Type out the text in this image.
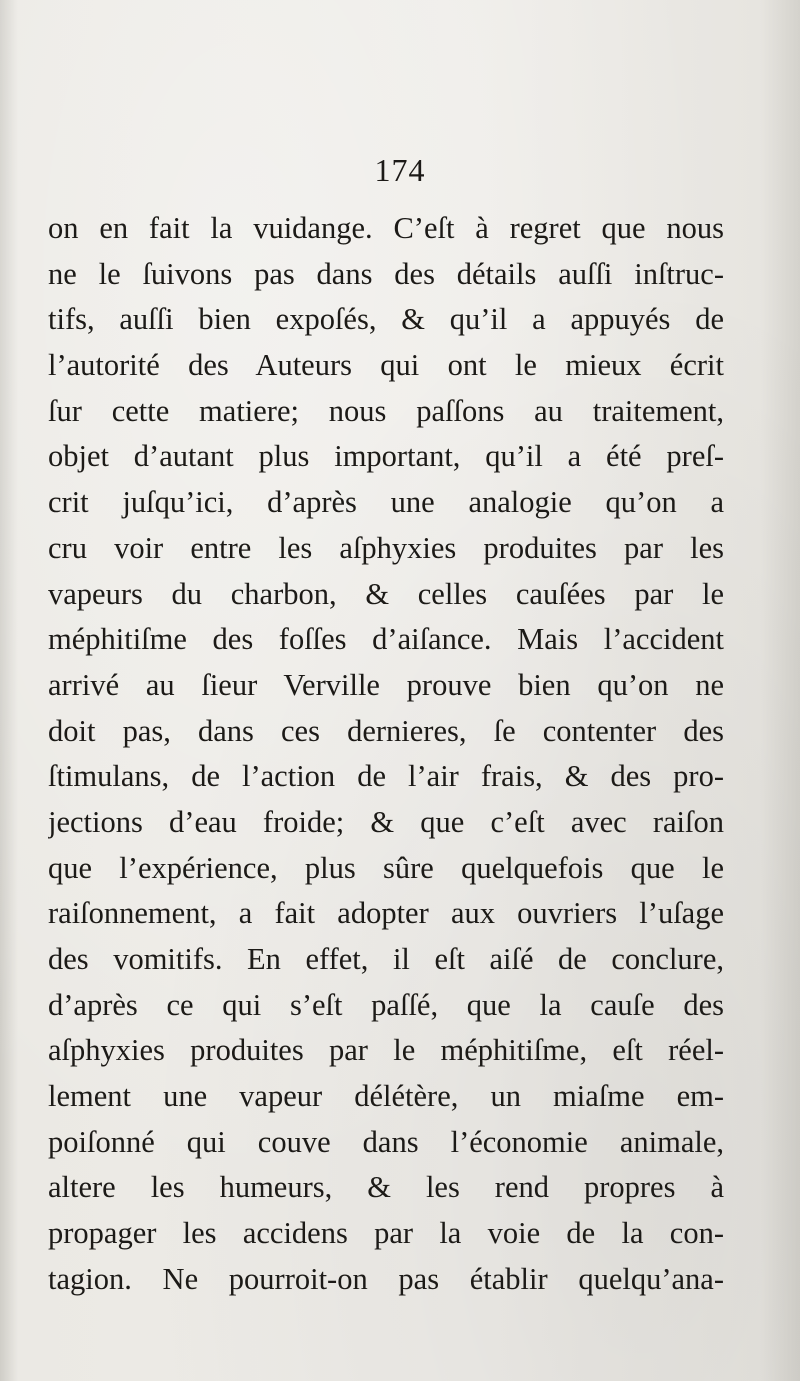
174
on en fait la vuidange. C’eſt à regret que nous
ne le ſuivons pas dans des détails auſſi inſtruc-
tifs, auſſi bien expoſés, & qu’il a appuyés de
l’autorité des Auteurs qui ont le mieux écrit
ſur cette matiere; nous paſſons au traitement,
objet d’autant plus important, qu’il a été preſ-
crit juſqu’ici, d’après une analogie qu’on a
cru voir entre les aſphyxies produites par les
vapeurs du charbon, & celles cauſées par le
méphitiſme des foſſes d’aiſance. Mais l’accident
arrivé au ſieur Verville prouve bien qu’on ne
doit pas, dans ces dernieres, ſe contenter des
ſtimulans, de l’action de l’air frais, & des pro-
jections d’eau froide; & que c’eſt avec raiſon
que l’expérience, plus sûre quelquefois que le
raiſonnement, a fait adopter aux ouvriers l’uſage
des vomitifs. En effet, il eſt aiſé de conclure,
d’après ce qui s’eſt paſſé, que la cauſe des
aſphyxies produites par le méphitiſme, eſt réel-
lement une vapeur délétère, un miaſme em-
poiſonné qui couve dans l’économie animale,
altere les humeurs, & les rend propres à
propager les accidens par la voie de la con-
tagion. Ne pourroit-on pas établir quelqu’ana-
